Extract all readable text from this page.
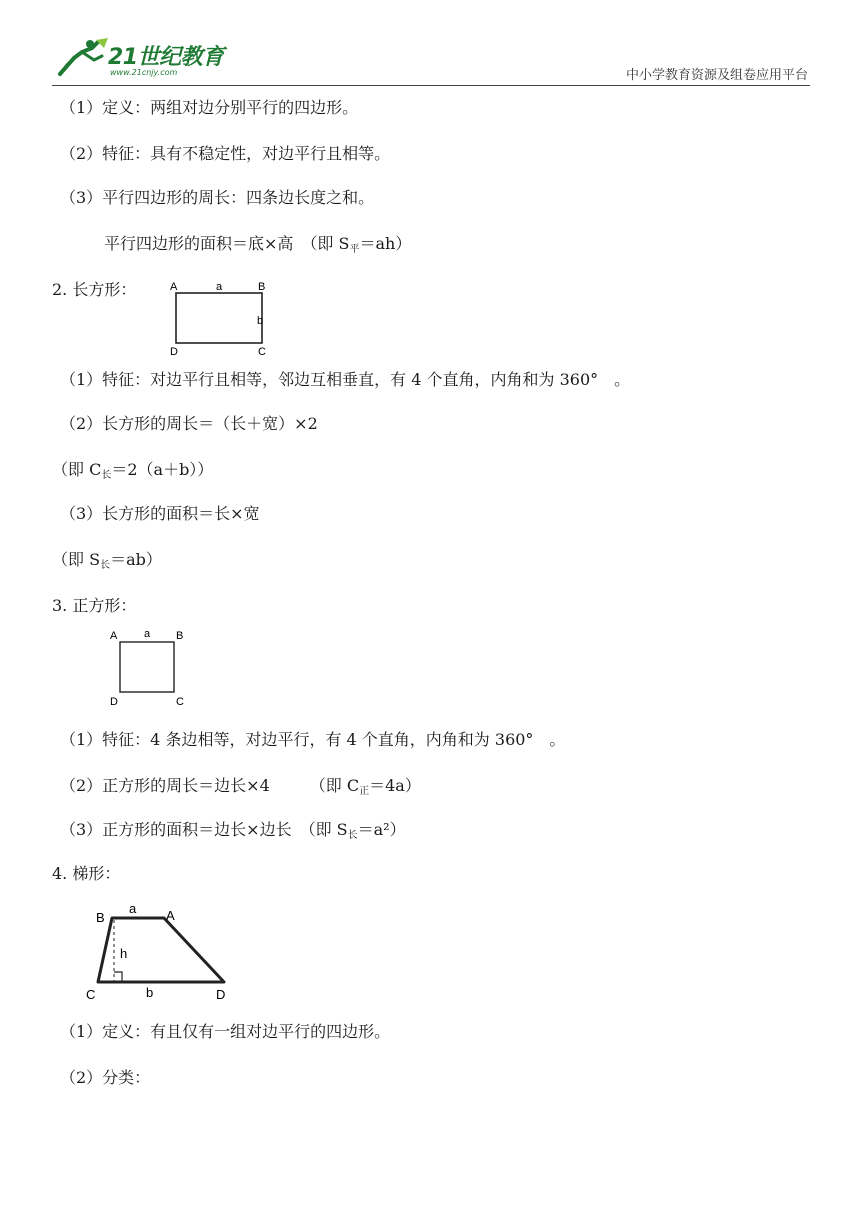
21世纪教育
www.21cnjy.com	中小学教育资源及组卷应用平台
（1）定义：两组对边分别平行的四边形。
（2）特征：具有不稳定性，对边平行且相等。
（3）平行四边形的周长：四条边长度之和。
平行四边形的面积＝底×高　（即 $S_平=ah$）
2. 长方形：	A	a	B
b
D	C
（1）特征：对边平行且相等，邻边互相垂直，有 4 个直角，内角和为 360°　。
（2）长方形的周长＝（长＋宽）×2
（即 $C_长=2(a+b)$）
（3）长方形的面积＝长×宽
（即 $S_长=ab$）
3. 正方形：
A a B
D	C
（1）特征：4 条边相等，对边平行，有 4 个直角，内角和为 360°　。
（2）正方形的周长＝边长×4　　　（即 $C_正=4a$）
（3）正方形的面积＝边长×边长　（即 $S_长=a^2$）
4. 梯形：
B
a A
h
C	b	D
（1）定义：有且仅有一组对边平行的四边形。
（2）分类：
